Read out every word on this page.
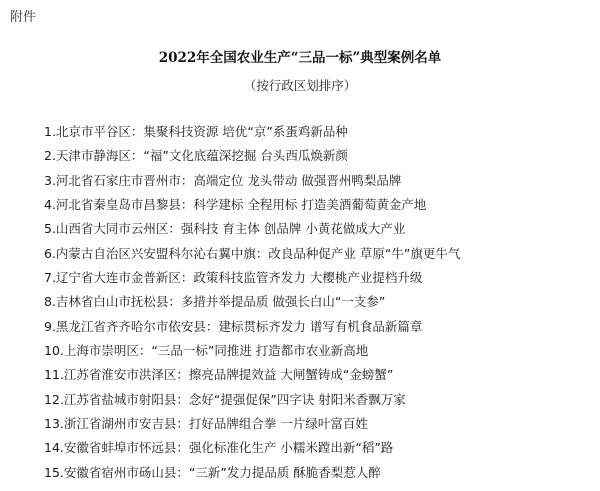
附件
2022年全国农业生产“三品一标”典型案例名单
（按行政区划排序）
1.北京市平谷区：集聚科技资源 培优“京”系蛋鸡新品种
2.天津市静海区：“福”文化底蕴深挖掘 台头西瓜焕新颜
3.河北省石家庄市晋州市：高端定位 龙头带动 做强晋州鸭梨品牌
4.河北省秦皇岛市昌黎县：科学建标 全程用标 打造美酒葡萄黄金产地
5.山西省大同市云州区：强科技 育主体 创品牌 小黄花做成大产业
6.内蒙古自治区兴安盟科尔沁右翼中旗：改良品种促产业 草原“牛”旗更牛气
7.辽宁省大连市金普新区：政策科技监管齐发力 大樱桃产业提档升级
8.吉林省白山市抚松县：多措并举提品质 做强长白山“一支参”
9.黑龙江省齐齐哈尔市依安县：建标贯标齐发力 谱写有机食品新篇章
10.上海市崇明区：“三品一标”同推进 打造都市农业新高地
11.江苏省淮安市洪泽区：擦亮品牌提效益 大闸蟹铸成“金螃蟹”
12.江苏省盐城市射阳县：念好“提强促保”四字诀 射阳米香飘万家
13.浙江省湖州市安吉县：打好品牌组合拳 一片绿叶富百姓
14.安徽省蚌埠市怀远县：强化标准化生产 小糯米蹚出新“稻”路
15.安徽省宿州市砀山县：“三新”发力提品质 酥脆香梨惹人醉
